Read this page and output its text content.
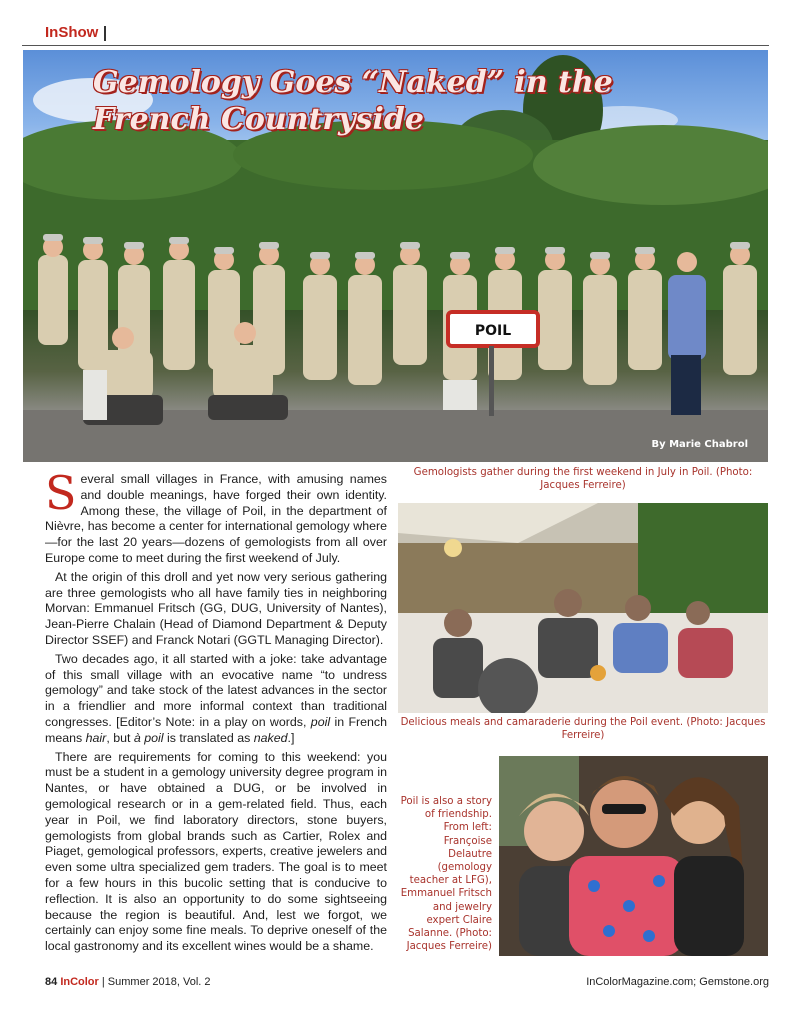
InShow
POIL
Gemology Goes “Naked” in the
French Countryside
By Marie Chabrol

Several small villages in France, with amusing names and double meanings, have forged their own identity. Among these, the village of Poil, in the department of Nièvre, has become a center for international gemology where—for the last 20 years—dozens of gemologists from all over Europe come to meet during the first weekend of July.

At the origin of this droll and yet now very serious gathering are three gemologists who all have family ties in neighboring Morvan: Emmanuel Fritsch (GG, DUG, University of Nantes), Jean-Pierre Chalain (Head of Diamond Department & Deputy Director SSEF) and Franck Notari (GGTL Managing Director).

Two decades ago, it all started with a joke: take advantage of this small village with an evocative name “to undress gemology” and take stock of the latest advances in the sector in a friendlier and more informal context than traditional congresses. [Editor’s Note: in a play on words, poil in French means hair, but à poil is translated as naked.]

There are requirements for coming to this weekend: you must be a student in a gemology university degree program in Nantes, or have obtained a DUG, or be involved in gemological research or in a gem-related field. Thus, each year in Poil, we find laboratory directors, stone buyers, gemologists from global brands such as Cartier, Rolex and Piaget, gemological professors, experts, creative jewelers and even some ultra specialized gem traders. The goal is to meet for a few hours in this bucolic setting that is conducive to reflection. It is also an opportunity to do some sightseeing because the region is beautiful. And, lest we forgot, we certainly can enjoy some fine meals. To deprive oneself of the local gastronomy and its excellent wines would be a shame.

Gemologists gather during the first weekend in July in Poil. (Photo: Jacques Ferreire)
Delicious meals and camaraderie during the Poil event. (Photo: Jacques Ferreire)
Poil is also a story of friendship. From left: Françoise Delautre (gemology teacher at LFG), Emmanuel Fritsch and jewelry expert Claire Salanne. (Photo: Jacques Ferreire)
84 InColor | Summer 2018, Vol. 2	InColorMagazine.com; Gemstone.org
